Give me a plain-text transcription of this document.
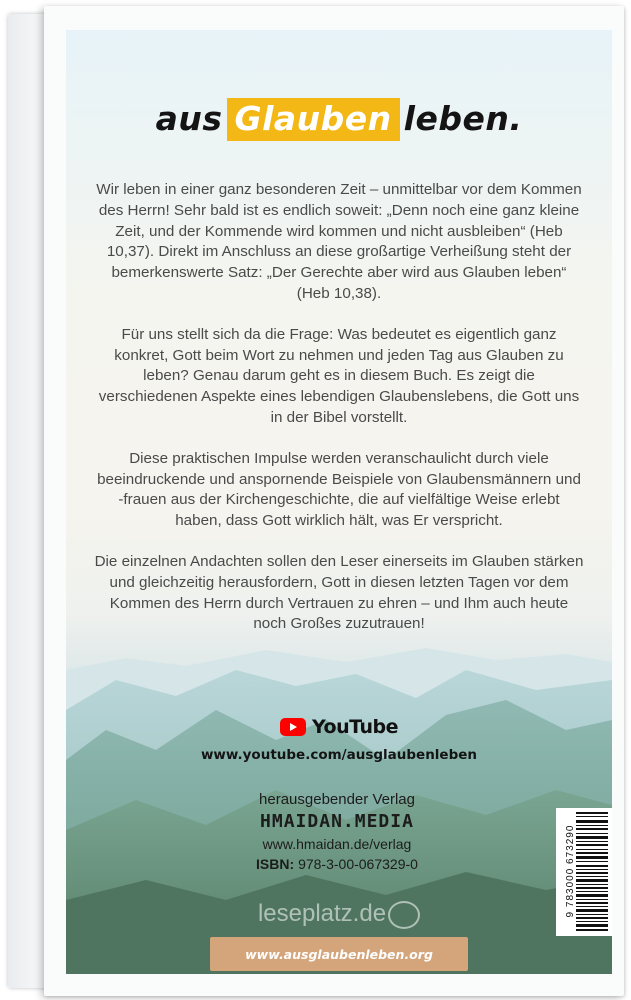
aus Glauben leben.

Wir leben in einer ganz besonderen Zeit – unmittelbar vor dem Kommen des Herrn! Sehr bald ist es endlich soweit: „Denn noch eine ganz kleine Zeit, und der Kommende wird kommen und nicht ausbleiben“ (Heb 10,37). Direkt im Anschluss an diese großartige Verheißung steht der bemerkenswerte Satz: „Der Gerechte aber wird aus Glauben leben“ (Heb 10,38).

Für uns stellt sich da die Frage: Was bedeutet es eigentlich ganz konkret, Gott beim Wort zu nehmen und jeden Tag aus Glauben zu leben? Genau darum geht es in diesem Buch. Es zeigt die verschiedenen Aspekte eines lebendigen Glaubenslebens, die Gott uns in der Bibel vorstellt.

Diese praktischen Impulse werden veranschaulicht durch viele beeindruckende und anspornende Beispiele von Glaubensmännern und -frauen aus der Kirchengeschichte, die auf vielfältige Weise erlebt haben, dass Gott wirklich hält, was Er verspricht.

Die einzelnen Andachten sollen den Leser einerseits im Glauben stärken und gleichzeitig herausfordern, Gott in diesen letzten Tagen vor dem Kommen des Herrn durch Vertrauen zu ehren – und Ihm auch heute noch Großes zuzutrauen!

YouTube
www.youtube.com/ausglaubenleben
herausgebender Verlag
HMAIDAN.MEDIA
www.hmaidan.de/verlag
ISBN: 978-3-00-067329-0	9 783000 673290
leseplatz.de
www.ausglaubenleben.org
